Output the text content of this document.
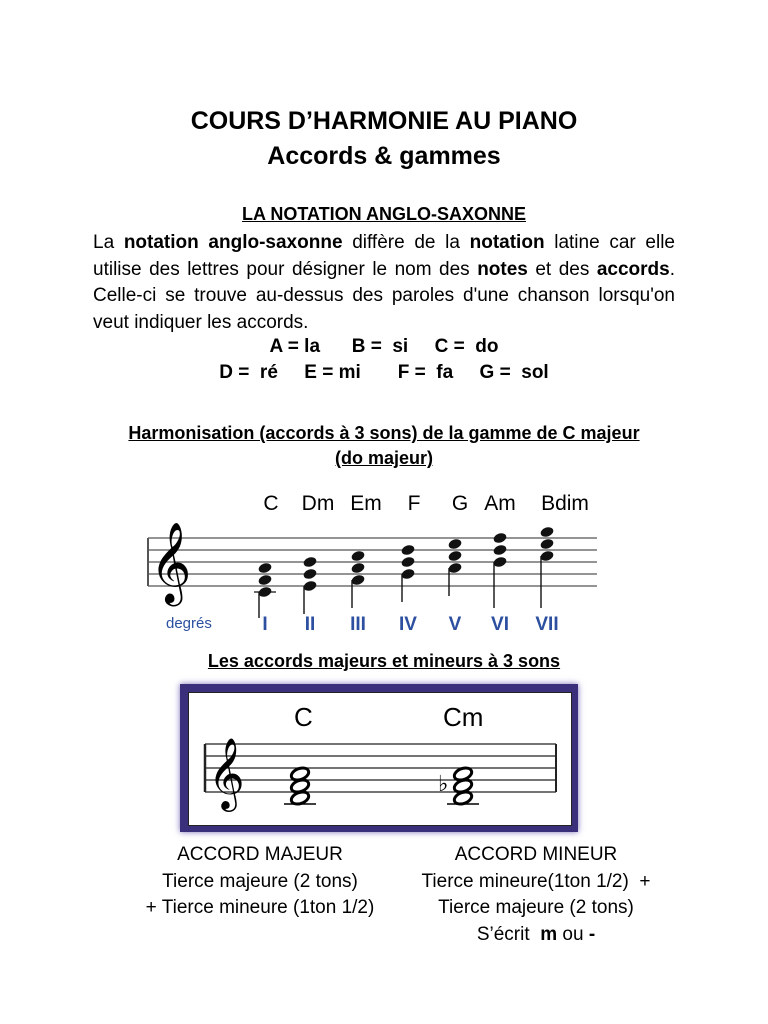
COURS D’HARMONIE AU PIANO
Accords & gammes
LA NOTATION ANGLO-SAXONNE
La notation anglo-saxonne diffère de la notation latine car elle utilise des lettres pour désigner le nom des notes et des accords. Celle-ci se trouve au-dessus des paroles d'une chanson lorsqu'on veut indiquer les accords.
A = la      B =  si     C =  do
D =  ré     E = mi       F =  fa     G =  sol
Harmonisation (accords à 3 sons) de la gamme de C majeur
(do majeur)
C Dm Em F G Am Bdim
𝄞
degrés	I II III IV V VI VII
Les accords majeurs et mineurs à 3 sons
𝄞
C	Cm
♭
ACCORD MAJEUR
Tierce majeure (2 tons)
+ Tierce mineure (1ton 1/2)
ACCORD MINEUR
Tierce mineure(1ton 1/2)  +
Tierce majeure (2 tons)
S’écrit  m ou -
